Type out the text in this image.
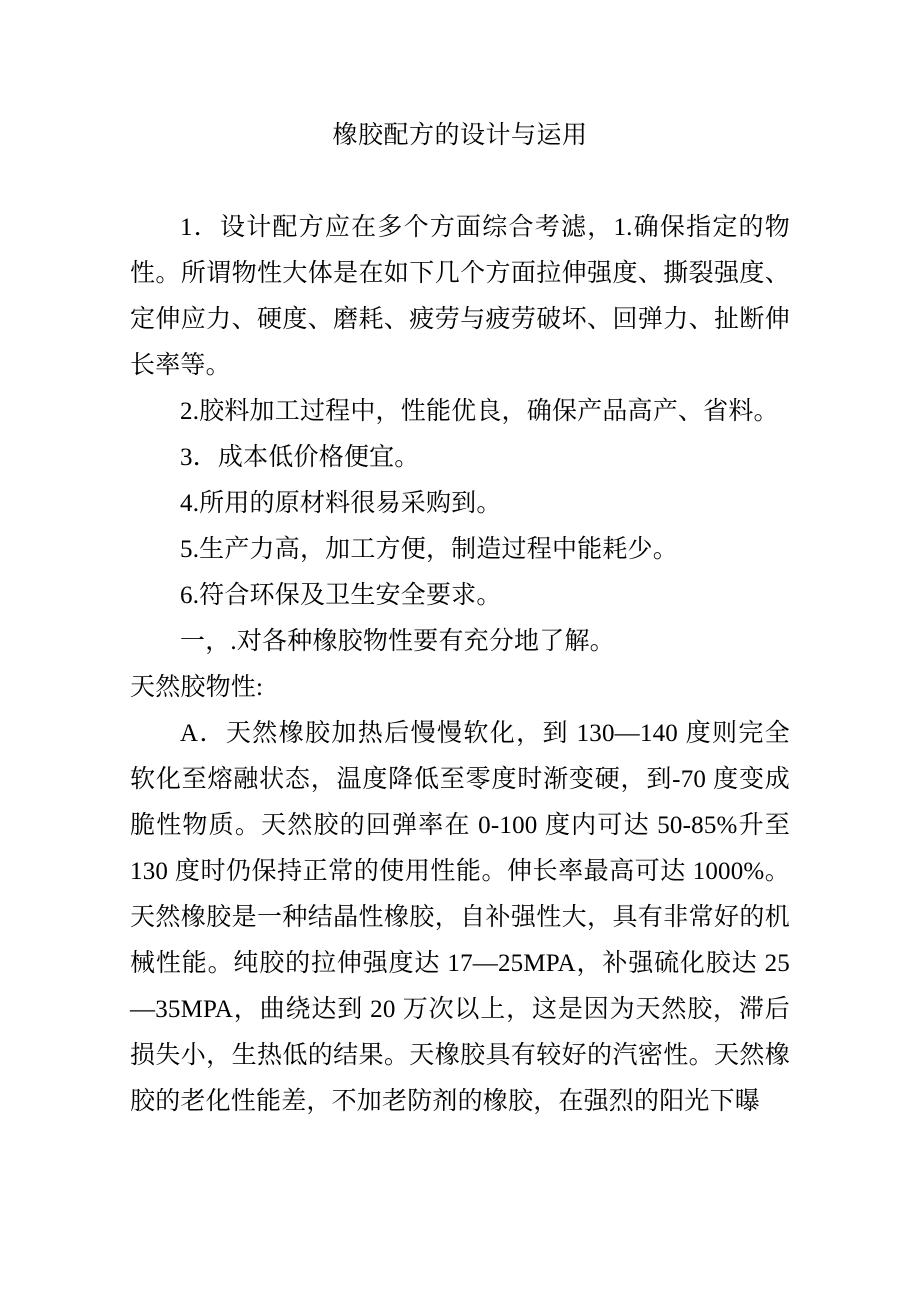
橡胶配方的设计与运用

1．设计配方应在多个方面综合考滤，1.确保指定的物性。所谓物性大体是在如下几个方面拉伸强度、撕裂强度、定伸应力、硬度、磨耗、疲劳与疲劳破坏、回弹力、扯断伸长率等。

2.胶料加工过程中，性能优良，确保产品高产、省料。

3．成本低价格便宜。

4.所用的原材料很易采购到。

5.生产力高，加工方便，制造过程中能耗少。

6.符合环保及卫生安全要求。

一，.对各种橡胶物性要有充分地了解。

天然胶物性:

A．天然橡胶加热后慢慢软化，到 130—140 度则完全软化至熔融状态，温度降低至零度时渐变硬，到-70 度变成脆性物质。天然胶的回弹率在 0-100 度内可达 50-85%升至 130 度时仍保持正常的使用性能。伸长率最高可达 1000%。天然橡胶是一种结晶性橡胶，自补强性大，具有非常好的机械性能。纯胶的拉伸强度达 17—25MPA，补强硫化胶达 25—35MPA，曲绕达到 20 万次以上，这是因为天然胶，滞后损失小，生热低的结果。天橡胶具有较好的汽密性。天然橡胶的老化性能差，不加老防剂的橡胶，在强烈的阳光下曝
